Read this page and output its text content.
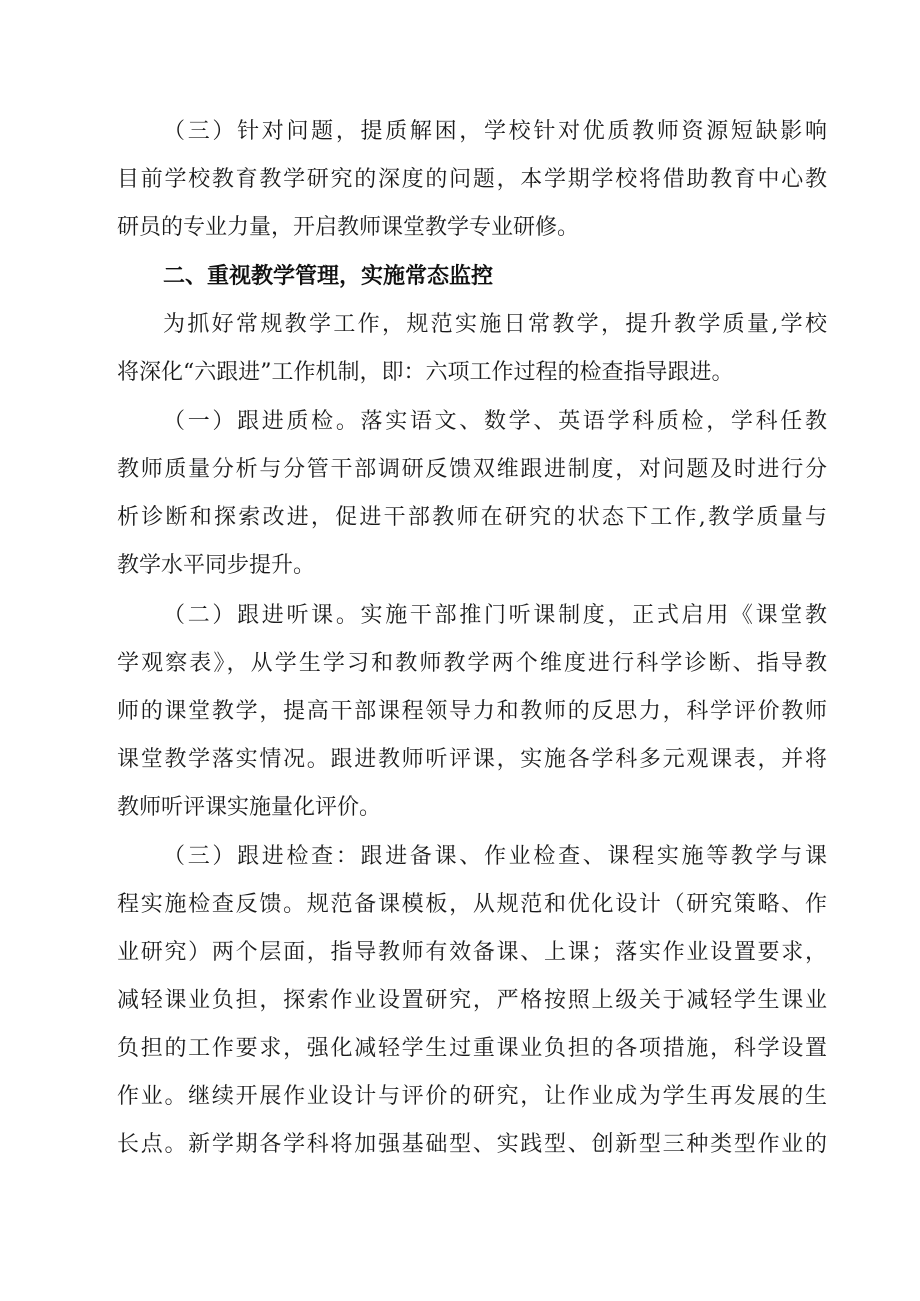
（三）针对问题，提质解困，学校针对优质教师资源短缺影响
目前学校教育教学研究的深度的问题，本学期学校将借助教育中心教
研员的专业力量，开启教师课堂教学专业研修。
二、重视教学管理，实施常态监控
为抓好常规教学工作，规范实施日常教学，提升教学质量,学校
将深化“六跟进”工作机制，即：六项工作过程的检查指导跟进。
（一）跟进质检。落实语文、数学、英语学科质检，学科任教
教师质量分析与分管干部调研反馈双维跟进制度，对问题及时进行分
析诊断和探索改进，促进干部教师在研究的状态下工作,教学质量与
教学水平同步提升。
（二）跟进听课。实施干部推门听课制度，正式启用《课堂教
学观察表》，从学生学习和教师教学两个维度进行科学诊断、指导教
师的课堂教学，提高干部课程领导力和教师的反思力，科学评价教师
课堂教学落实情况。跟进教师听评课，实施各学科多元观课表，并将
教师听评课实施量化评价。
（三）跟进检查：跟进备课、作业检查、课程实施等教学与课
程实施检查反馈。规范备课模板，从规范和优化设计（研究策略、作
业研究）两个层面，指导教师有效备课、上课；落实作业设置要求，
减轻课业负担，探索作业设置研究，严格按照上级关于减轻学生课业
负担的工作要求，强化减轻学生过重课业负担的各项措施，科学设置
作业。继续开展作业设计与评价的研究，让作业成为学生再发展的生
长点。新学期各学科将加强基础型、实践型、创新型三种类型作业的
